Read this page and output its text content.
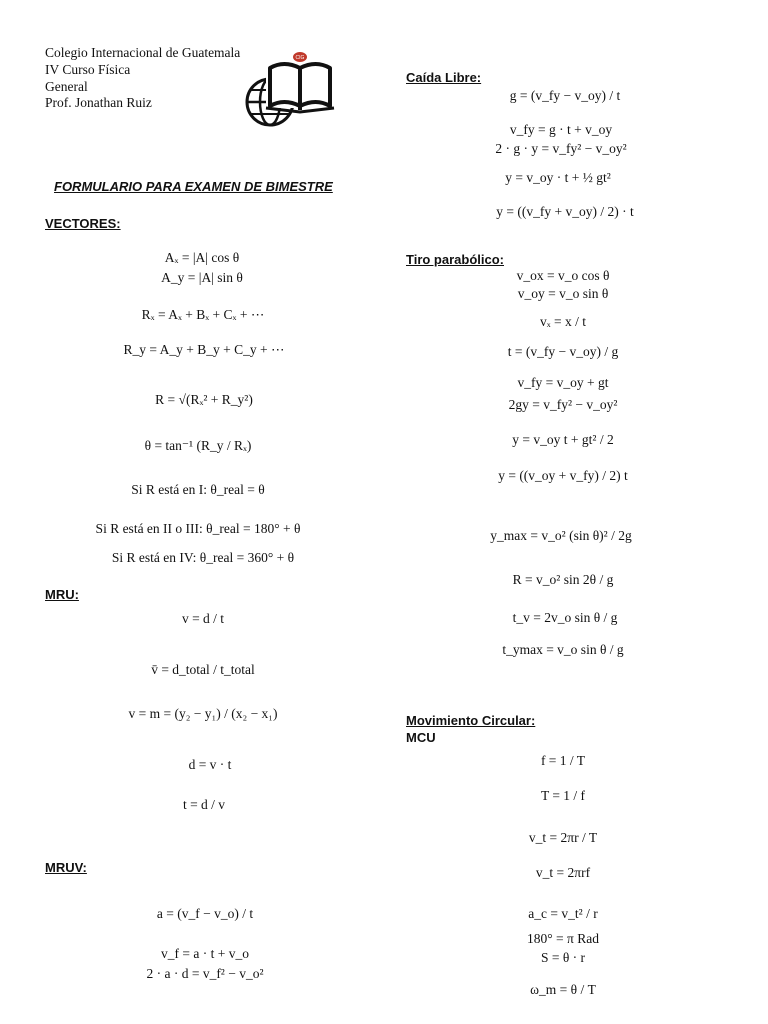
Colegio Internacional de Guatemala
IV Curso Física
General
Prof. Jonathan Ruiz
CIG
FORMULARIO PARA EXAMEN DE BIMESTRE
VECTORES:
Aₓ = |A| cos θ
A_y = |A| sin θ
Rₓ = Aₓ + Bₓ + Cₓ + ⋯
R_y = A_y + B_y + C_y + ⋯
R = √(Rₓ² + R_y²)
θ = tan⁻¹ (R_y / Rₓ)
Si R está en I: θ_real = θ
Si R está en II o III: θ_real = 180° + θ
Si R está en IV: θ_real = 360° + θ
MRU:
v = d / t
v̄ = d_total / t_total
v = m = (y₂ − y₁) / (x₂ − x₁)
d = v · t
t = d / v
MRUV:
a = (v_f − v_o) / t
v_f = a · t + v_o
2 · a · d = v_f² − v_o²
Caída Libre:
g = (v_fy − v_oy) / t
v_fy = g · t + v_oy
2 · g · y = v_fy² − v_oy²
y = v_oy · t + ½ gt²
y = ((v_fy + v_oy) / 2) · t
Tiro parabólico:
v_ox = v_o cos θ
v_oy = v_o sin θ
vₓ = x / t
t = (v_fy − v_oy) / g
v_fy = v_oy + gt
2gy = v_fy² − v_oy²
y = v_oy t + gt² / 2
y = ((v_oy + v_fy) / 2) t
y_max = v_o² (sin θ)² / 2g
R = v_o² sin 2θ / g
t_v = 2v_o sin θ / g
t_ymax = v_o sin θ / g
Movimiento Circular:
MCU
f = 1 / T
T = 1 / f
v_t = 2πr / T
v_t = 2πrf
a_c = v_t² / r
180° = π Rad
S = θ · r
ω_m = θ / T
